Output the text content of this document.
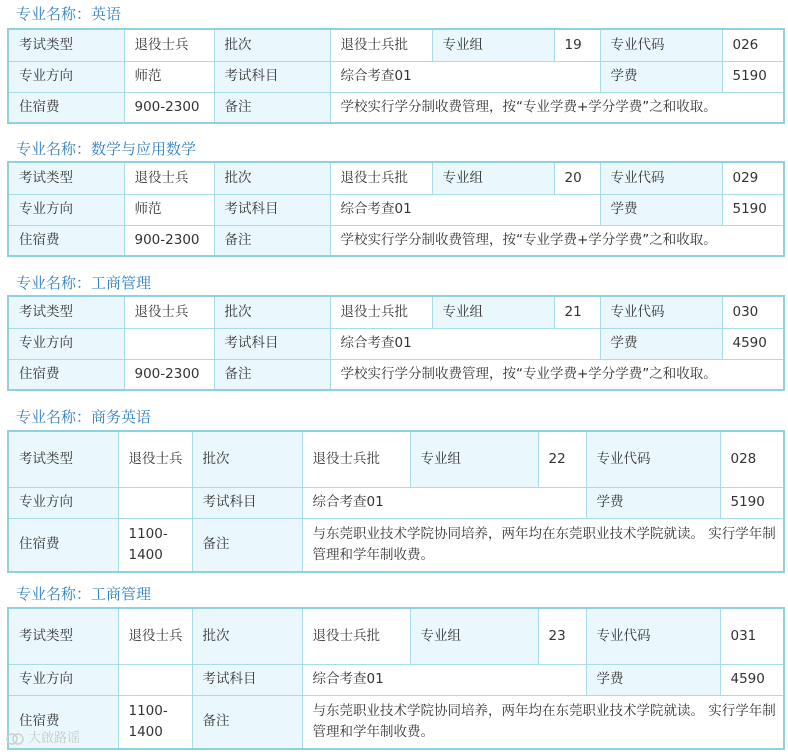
专业名称：英语
考试类型	退役士兵	批次	退役士兵批	专业组	19	专业代码	026
专业方向	师范	考试科目	综合考查01			学费	5190
住宿费	900-2300	备注	学校实行学分制收费管理，按“专业学费+学分学费”之和收取。				
专业名称：数学与应用数学
考试类型	退役士兵	批次	退役士兵批	专业组	20	专业代码	029
专业方向	师范	考试科目	综合考查01			学费	5190
住宿费	900-2300	备注	学校实行学分制收费管理，按“专业学费+学分学费”之和收取。				
专业名称：工商管理
考试类型	退役士兵	批次	退役士兵批	专业组	21	专业代码	030
专业方向		考试科目	综合考查01			学费	4590
住宿费	900-2300	备注	学校实行学分制收费管理，按“专业学费+学分学费”之和收取。				
专业名称：商务英语
考试类型	退役士兵	批次	退役士兵批	专业组	22	专业代码	028
专业方向		考试科目	综合考查01			学费	5190
住宿费	1100-1400	备注	与东莞职业技术学院协同培养，两年均在东莞职业技术学院就读。 实行学年制管理和学年制收费。				
专业名称：工商管理
考试类型	退役士兵	批次	退役士兵批	专业组	23	专业代码	031
专业方向		考试科目	综合考查01			学费	4590
住宿费	1100-1400	备注	与东莞职业技术学院协同培养，两年均在东莞职业技术学院就读。 实行学年制管理和学年制收费。				
大啟路谣
